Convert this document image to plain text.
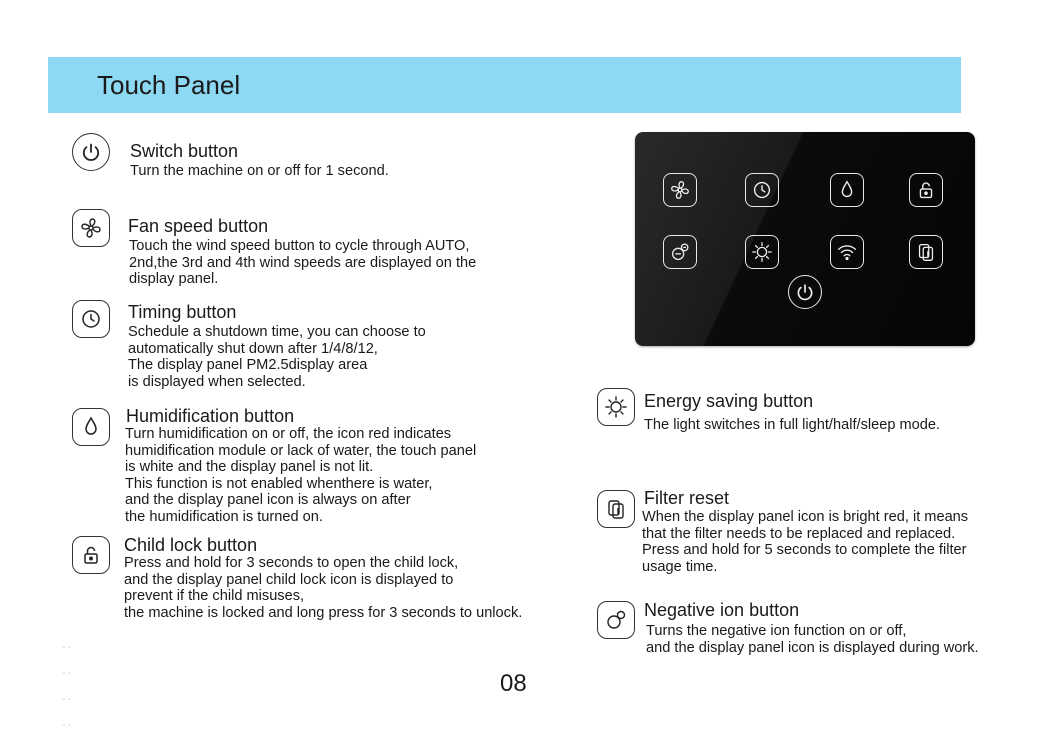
Touch Panel
Switch button
Turn the machine on or off for 1 second.
Fan speed button
Touch the wind speed button to cycle through AUTO,
2nd,the 3rd and 4th wind speeds are displayed on the
display panel.
Timing button
Schedule a shutdown time, you can choose to
automatically shut down after 1/4/8/12,
The display panel PM2.5display area
is displayed when selected.
Humidification button
Turn humidification on or off, the icon red indicates
humidification module or lack of water, the touch panel
is white and the display panel is not lit.
This function is not enabled whenthere is water,
and the display panel icon is always on after
the humidification is turned on.
Child lock button
Press and hold for 3 seconds to open the child lock,
and the display panel child lock icon is displayed to
prevent if the child misuses,
the machine is locked and long press for 3 seconds to unlock.
Energy saving button
The light switches in full light/half/sleep mode.
Filter reset
When the display panel icon is bright red, it means
that the filter needs to be replaced and replaced.
Press and hold for 5 seconds to complete the filter
usage time.
Negative ion button
Turns the negative ion function on or off,
and the display panel icon is displayed during work.
08
- -
- -
- -
- -
